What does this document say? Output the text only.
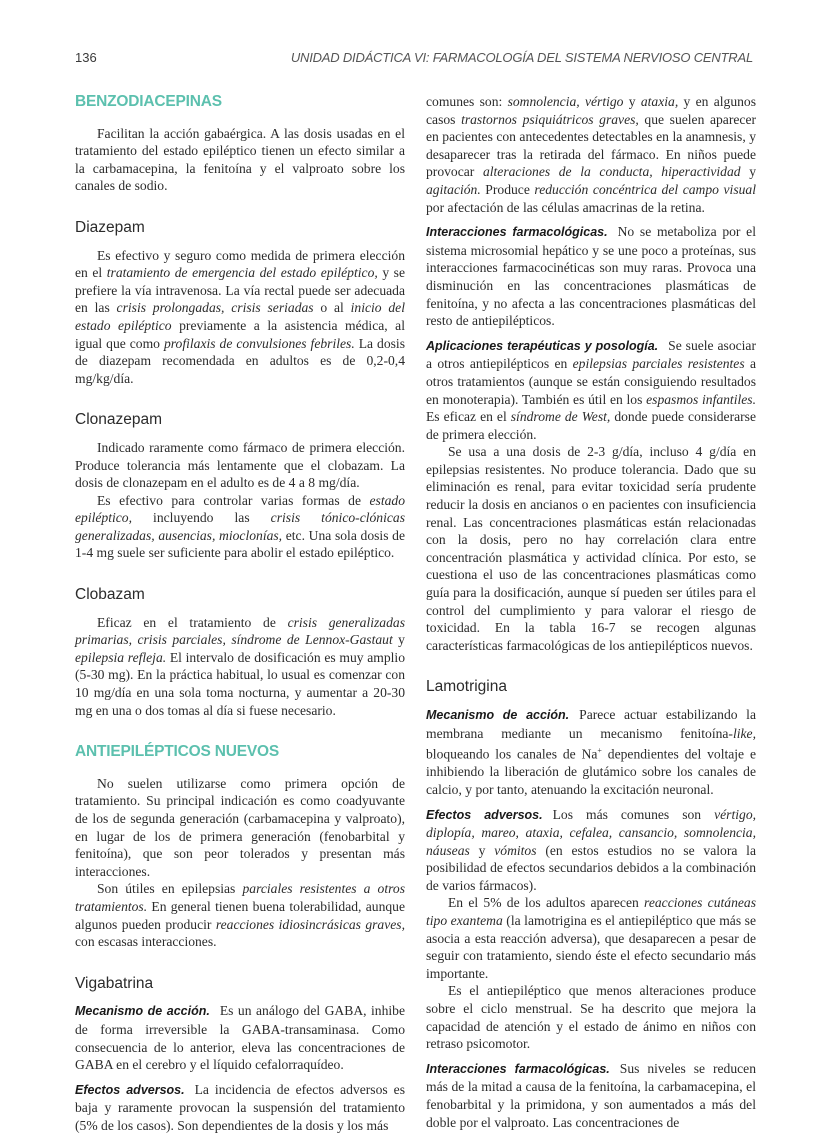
136	UNIDAD DIDÁCTICA VI: FARMACOLOGÍA DEL SISTEMA NERVIOSO CENTRAL
BENZODIACEPINAS

Facilitan la acción gabaérgica. A las dosis usadas en el tratamiento del estado epiléptico tienen un efecto similar a la carbamacepina, la fenitoína y el valproato sobre los canales de sodio.

Diazepam

Es efectivo y seguro como medida de primera elección en el tratamiento de emergencia del estado epiléptico, y se prefiere la vía intravenosa. La vía rectal puede ser adecuada en las crisis prolongadas, crisis seriadas o al inicio del estado epiléptico previamente a la asistencia médica, al igual que como profilaxis de convulsiones febriles. La dosis de diazepam recomendada en adultos es de 0,2-0,4 mg/kg/día.

Clonazepam

Indicado raramente como fármaco de primera elección. Produce tolerancia más lentamente que el clobazam. La dosis de clonazepam en el adulto es de 4 a 8 mg/día.

Es efectivo para controlar varias formas de estado epiléptico, incluyendo las crisis tónico-clónicas generalizadas, ausencias, mioclonías, etc. Una sola dosis de 1-4 mg suele ser suficiente para abolir el estado epiléptico.

Clobazam

Eficaz en el tratamiento de crisis generalizadas primarias, crisis parciales, síndrome de Lennox-Gastaut y epilepsia refleja. El intervalo de dosificación es muy amplio (5-30 mg). En la práctica habitual, lo usual es comenzar con 10 mg/día en una sola toma nocturna, y aumentar a 20-30 mg en una o dos tomas al día si fuese necesario.

ANTIEPILÉPTICOS NUEVOS

No suelen utilizarse como primera opción de tratamiento. Su principal indicación es como coadyuvante de los de segunda generación (carbamacepina y valproato), en lugar de los de primera generación (fenobarbital y fenitoína), que son peor tolerados y presentan más interacciones.

Son útiles en epilepsias parciales resistentes a otros tratamientos. En general tienen buena tolerabilidad, aunque algunos pueden producir reacciones idiosincrásicas graves, con escasas interacciones.

Vigabatrina

Mecanismo de acción. Es un análogo del GABA, inhibe de forma irreversible la GABA-transaminasa. Como consecuencia de lo anterior, eleva las concentraciones de GABA en el cerebro y el líquido cefalorraquídeo.

Efectos adversos. La incidencia de efectos adversos es baja y raramente provocan la suspensión del tratamiento (5% de los casos). Son dependientes de la dosis y los más

comunes son: somnolencia, vértigo y ataxia, y en algunos casos trastornos psiquiátricos graves, que suelen aparecer en pacientes con antecedentes detectables en la anamnesis, y desaparecer tras la retirada del fármaco. En niños puede provocar alteraciones de la conducta, hiperactividad y agitación. Produce reducción concéntrica del campo visual por afectación de las células amacrinas de la retina.

Interacciones farmacológicas. No se metaboliza por el sistema microsomial hepático y se une poco a proteínas, sus interacciones farmacocinéticas son muy raras. Provoca una disminución en las concentraciones plasmáticas de fenitoína, y no afecta a las concentraciones plasmáticas del resto de antiepilépticos.

Aplicaciones terapéuticas y posología. Se suele asociar a otros antiepilépticos en epilepsias parciales resistentes a otros tratamientos (aunque se están consiguiendo resultados en monoterapia). También es útil en los espasmos infantiles. Es eficaz en el síndrome de West, donde puede considerarse de primera elección.

Se usa a una dosis de 2-3 g/día, incluso 4 g/día en epilepsias resistentes. No produce tolerancia. Dado que su eliminación es renal, para evitar toxicidad sería prudente reducir la dosis en ancianos o en pacientes con insuficiencia renal. Las concentraciones plasmáticas están relacionadas con la dosis, pero no hay correlación clara entre concentración plasmática y actividad clínica. Por esto, se cuestiona el uso de las concentraciones plasmáticas como guía para la dosificación, aunque sí pueden ser útiles para el control del cumplimiento y para valorar el riesgo de toxicidad. En la tabla 16-7 se recogen algunas características farmacológicas de los antiepilépticos nuevos.

Lamotrigina

Mecanismo de acción. Parece actuar estabilizando la membrana mediante un mecanismo fenitoína-like, bloqueando los canales de Na+ dependientes del voltaje e inhibiendo la liberación de glutámico sobre los canales de calcio, y por tanto, atenuando la excitación neuronal.

Efectos adversos. Los más comunes son vértigo, diplopía, mareo, ataxia, cefalea, cansancio, somnolencia, náuseas y vómitos (en estos estudios no se valora la posibilidad de efectos secundarios debidos a la combinación de varios fármacos).

En el 5% de los adultos aparecen reacciones cutáneas tipo exantema (la lamotrigina es el antiepiléptico que más se asocia a esta reacción adversa), que desaparecen a pesar de seguir con tratamiento, siendo éste el efecto secundario más importante.

Es el antiepiléptico que menos alteraciones produce sobre el ciclo menstrual. Se ha descrito que mejora la capacidad de atención y el estado de ánimo en niños con retraso psicomotor.

Interacciones farmacológicas. Sus niveles se reducen más de la mitad a causa de la fenitoína, la carbamacepina, el fenobarbital y la primidona, y son aumentados a más del doble por el valproato. Las concentraciones de
